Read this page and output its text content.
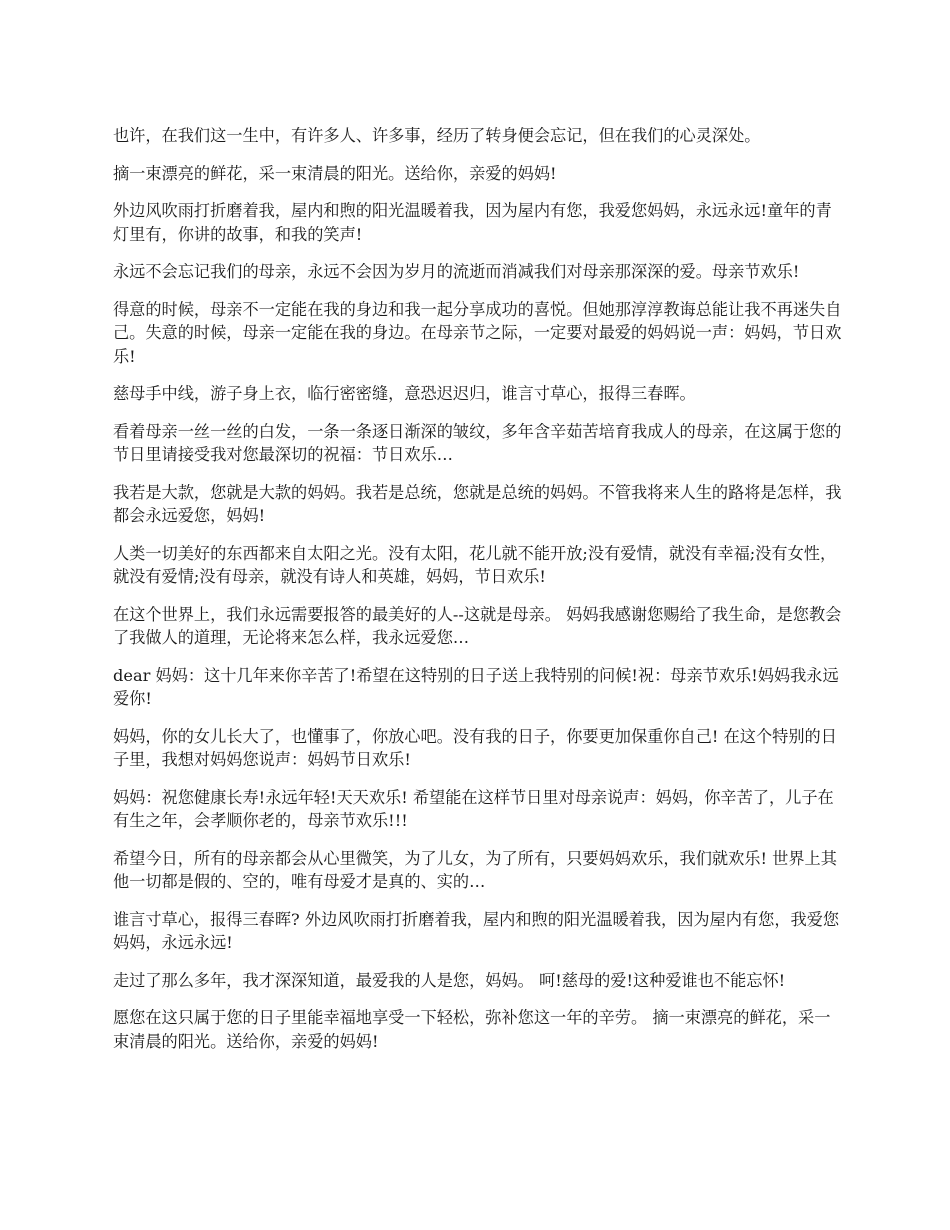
也许，在我们这一生中，有许多人、许多事，经历了转身便会忘记，但在我们的心灵深处。

摘一束漂亮的鲜花，采一束清晨的阳光。送给你，亲爱的妈妈!

外边风吹雨打折磨着我，屋内和煦的阳光温暖着我，因为屋内有您，我爱您妈妈，永远永远!童年的青灯里有，你讲的故事，和我的笑声!

永远不会忘记我们的母亲，永远不会因为岁月的流逝而消减我们对母亲那深深的爱。母亲节欢乐!

得意的时候，母亲不一定能在我的身边和我一起分享成功的喜悦。但她那淳淳教诲总能让我不再迷失自己。失意的时候，母亲一定能在我的身边。在母亲节之际，一定要对最爱的妈妈说一声：妈妈，节日欢乐!

慈母手中线，游子身上衣，临行密密缝，意恐迟迟归，谁言寸草心，报得三春晖。

看着母亲一丝一丝的白发，一条一条逐日渐深的皱纹，多年含辛茹苦培育我成人的母亲，在这属于您的节日里请接受我对您最深切的祝福：节日欢乐…

我若是大款，您就是大款的妈妈。我若是总统，您就是总统的妈妈。不管我将来人生的路将是怎样，我都会永远爱您，妈妈!

人类一切美好的东西都来自太阳之光。没有太阳，花儿就不能开放;没有爱情，就没有幸福;没有女性，就没有爱情;没有母亲，就没有诗人和英雄，妈妈，节日欢乐!

在这个世界上，我们永远需要报答的最美好的人--这就是母亲。 妈妈我感谢您赐给了我生命，是您教会了我做人的道理，无论将来怎么样，我永远爱您…

dear 妈妈：这十几年来你辛苦了!希望在这特别的日子送上我特别的问候!祝：母亲节欢乐!妈妈我永远爱你!

妈妈，你的女儿长大了，也懂事了，你放心吧。没有我的日子，你要更加保重你自己! 在这个特别的日子里，我想对妈妈您说声：妈妈节日欢乐!

妈妈：祝您健康长寿!永远年轻!天天欢乐! 希望能在这样节日里对母亲说声：妈妈，你辛苦了，儿子在有生之年，会孝顺你老的，母亲节欢乐!!!

希望今日，所有的母亲都会从心里微笑，为了儿女，为了所有，只要妈妈欢乐，我们就欢乐! 世界上其他一切都是假的、空的，唯有母爱才是真的、实的…

谁言寸草心，报得三春晖? 外边风吹雨打折磨着我，屋内和煦的阳光温暖着我，因为屋内有您，我爱您妈妈，永远永远!

走过了那么多年，我才深深知道，最爱我的人是您，妈妈。 呵!慈母的爱!这种爱谁也不能忘怀!

愿您在这只属于您的日子里能幸福地享受一下轻松，弥补您这一年的辛劳。 摘一束漂亮的鲜花，采一束清晨的阳光。送给你，亲爱的妈妈!
